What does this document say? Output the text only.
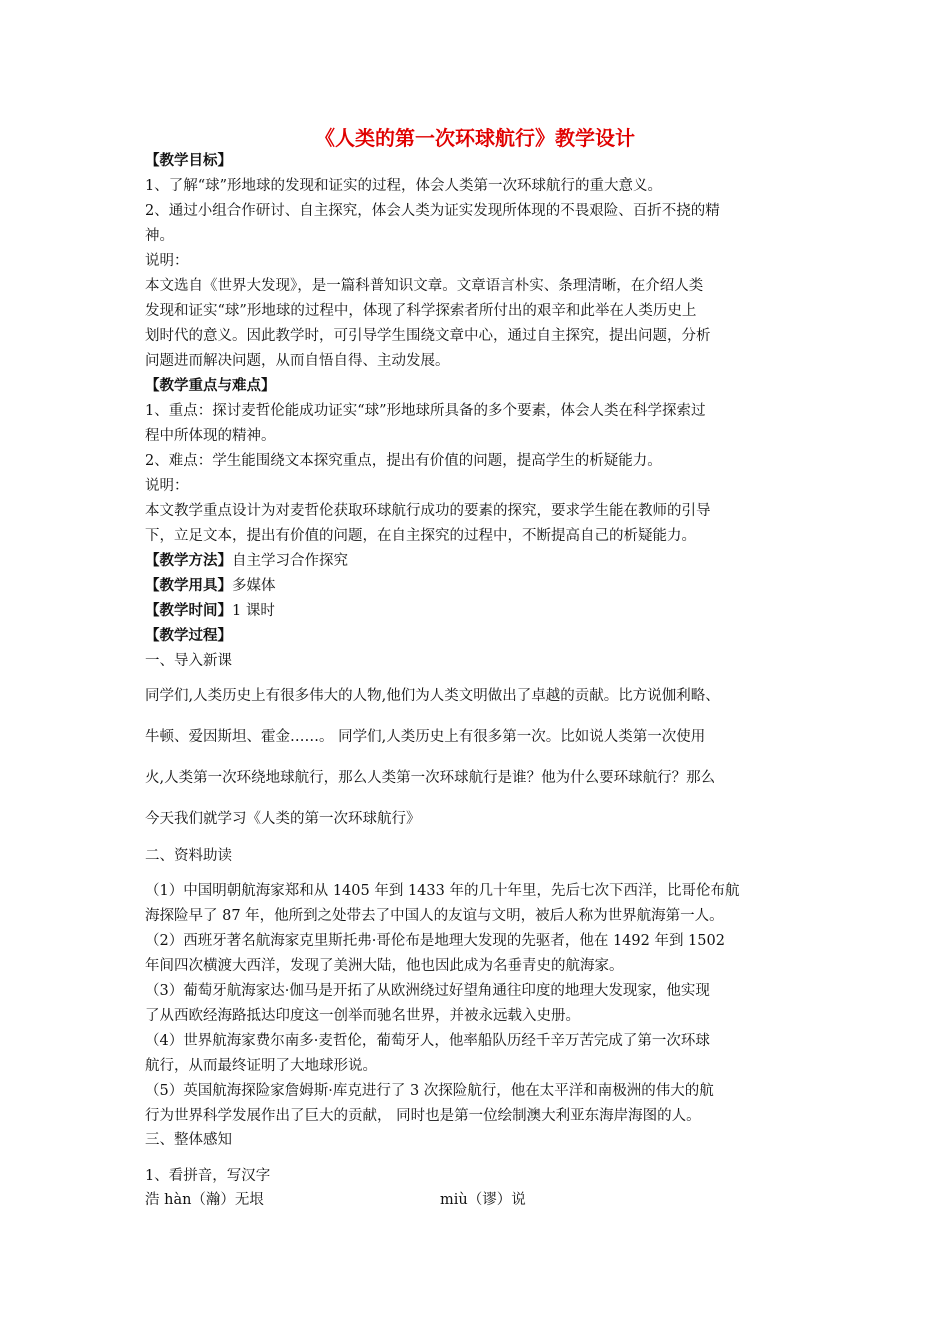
《人类的第一次环球航行》教学设计
【教学目标】
1、了解“球”形地球的发现和证实的过程，体会人类第一次环球航行的重大意义。
2、通过小组合作研讨、自主探究，体会人类为证实发现所体现的不畏艰险、百折不挠的精
神。
说明：
本文选自《世界大发现》，是一篇科普知识文章。文章语言朴实、条理清晰，在介绍人类
发现和证实“球”形地球的过程中，体现了科学探索者所付出的艰辛和此举在人类历史上
划时代的意义。因此教学时，可引导学生围绕文章中心，通过自主探究，提出问题，分析
问题进而解决问题，从而自悟自得、主动发展。
【教学重点与难点】
1、重点：探讨麦哲伦能成功证实“球”形地球所具备的多个要素，体会人类在科学探索过
程中所体现的精神。
2、难点：学生能围绕文本探究重点，提出有价值的问题，提高学生的析疑能力。
说明：
本文教学重点设计为对麦哲伦获取环球航行成功的要素的探究，要求学生能在教师的引导
下，立足文本，提出有价值的问题，在自主探究的过程中，不断提高自己的析疑能力。
【教学方法】自主学习合作探究
【教学用具】多媒体
【教学时间】1 课时
【教学过程】
一、导入新课
同学们,人类历史上有很多伟大的人物,他们为人类文明做出了卓越的贡献。比方说伽利略、
牛顿、爱因斯坦、霍金……。 同学们,人类历史上有很多第一次。比如说人类第一次使用
火,人类第一次环绕地球航行，那么人类第一次环球航行是谁？他为什么要环球航行？那么
今天我们就学习《人类的第一次环球航行》
二、资料助读
（1）中国明朝航海家郑和从 1405 年到 1433 年的几十年里，先后七次下西洋，比哥伦布航
海探险早了 87 年，他所到之处带去了中国人的友谊与文明，被后人称为世界航海第一人。
（2）西班牙著名航海家克里斯托弗·哥伦布是地理大发现的先驱者，他在 1492 年到 1502
年间四次横渡大西洋，发现了美洲大陆，他也因此成为名垂青史的航海家。
（3）葡萄牙航海家达·伽马是开拓了从欧洲绕过好望角通往印度的地理大发现家，他实现
了从西欧经海路抵达印度这一创举而驰名世界，并被永远载入史册。
（4）世界航海家费尔南多·麦哲伦，葡萄牙人，他率船队历经千辛万苦完成了第一次环球
航行，从而最终证明了大地球形说。
（5）英国航海探险家詹姆斯·库克进行了 3 次探险航行，他在太平洋和南极洲的伟大的航
行为世界科学发展作出了巨大的贡献， 同时也是第一位绘制澳大利亚东海岸海图的人。
三、整体感知
1、看拼音，写汉字
浩 hàn（瀚）无垠	miù（谬）说
